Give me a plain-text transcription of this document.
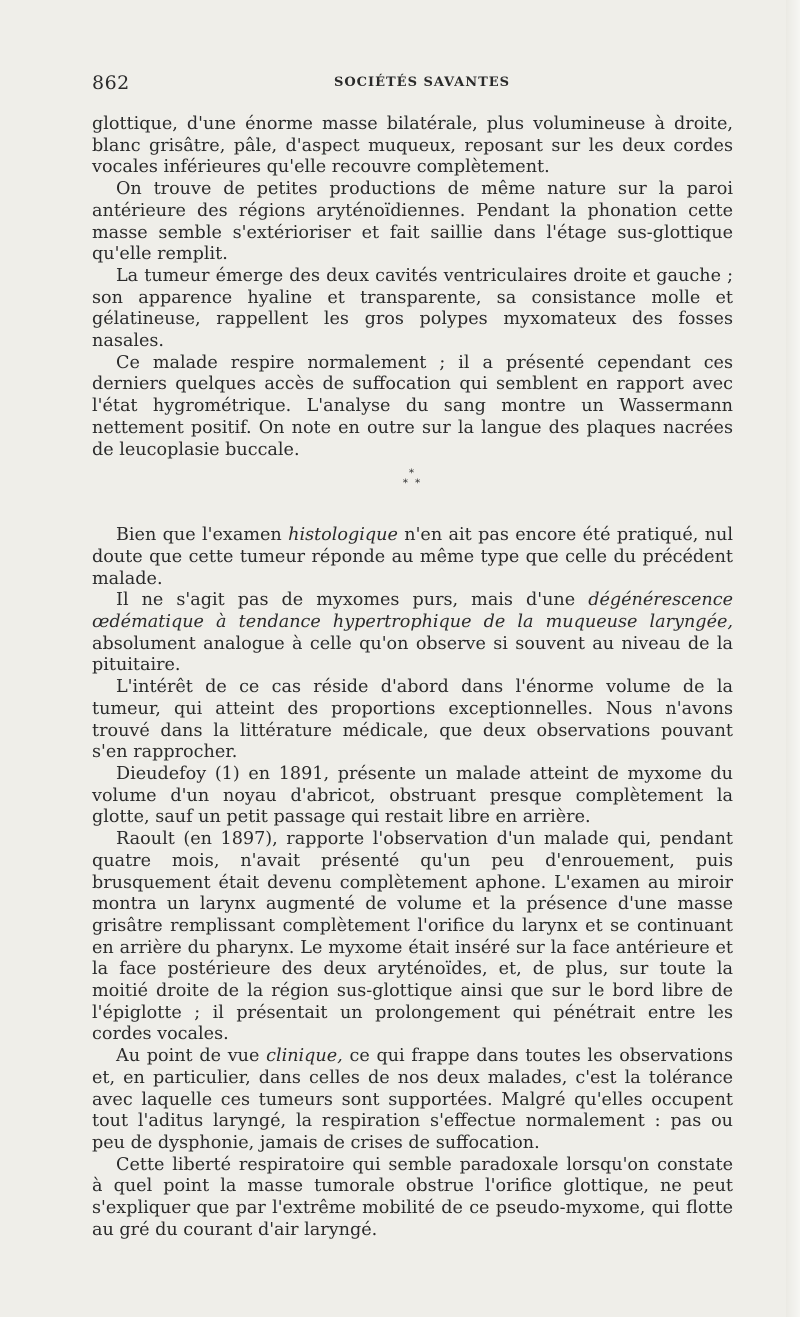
862	SOCIÉTÉS SAVANTES

glottique, d'une énorme masse bilatérale, plus volumineuse à droite, blanc grisâtre, pâle, d'aspect muqueux, reposant sur les deux cordes vocales inférieures qu'elle recouvre complètement.

On trouve de petites productions de même nature sur la paroi antérieure des régions aryténoïdiennes. Pendant la phonation cette masse semble s'extérioriser et fait saillie dans l'étage sus-glottique qu'elle remplit.

La tumeur émerge des deux cavités ventriculaires droite et gauche ; son apparence hyaline et transparente, sa consistance molle et gélatineuse, rappellent les gros polypes myxomateux des fosses nasales.

Ce malade respire normalement ; il a présenté cependant ces derniers quelques accès de suffocation qui semblent en rapport avec l'état hygrométrique. L'analyse du sang montre un Wassermann nettement positif. On note en outre sur la langue des plaques nacrées de leucoplasie buccale.

*
* *

Bien que l'examen histologique n'en ait pas encore été pratiqué, nul doute que cette tumeur réponde au même type que celle du précédent malade.

Il ne s'agit pas de myxomes purs, mais d'une dégénérescence œdématique à tendance hypertrophique de la muqueuse laryngée, absolument analogue à celle qu'on observe si souvent au niveau de la pituitaire.

L'intérêt de ce cas réside d'abord dans l'énorme volume de la tumeur, qui atteint des proportions exceptionnelles. Nous n'avons trouvé dans la littérature médicale, que deux observations pouvant s'en rapprocher.

Dieudefoy (1) en 1891, présente un malade atteint de myxome du volume d'un noyau d'abricot, obstruant presque complètement la glotte, sauf un petit passage qui restait libre en arrière.

Raoult (en 1897), rapporte l'observation d'un malade qui, pendant quatre mois, n'avait présenté qu'un peu d'enrouement, puis brusquement était devenu complètement aphone. L'examen au miroir montra un larynx augmenté de volume et la présence d'une masse grisâtre remplissant complètement l'orifice du larynx et se continuant en arrière du pharynx. Le myxome était inséré sur la face antérieure et la face postérieure des deux aryténoïdes, et, de plus, sur toute la moitié droite de la région sus-glottique ainsi que sur le bord libre de l'épiglotte ; il présentait un prolongement qui pénétrait entre les cordes vocales.

Au point de vue clinique, ce qui frappe dans toutes les observations et, en particulier, dans celles de nos deux malades, c'est la tolérance avec laquelle ces tumeurs sont supportées. Malgré qu'elles occupent tout l'aditus laryngé, la respiration s'effectue normalement : pas ou peu de dysphonie, jamais de crises de suffocation.

Cette liberté respiratoire qui semble paradoxale lorsqu'on constate à quel point la masse tumorale obstrue l'orifice glottique, ne peut s'expliquer que par l'extrême mobilité de ce pseudo-myxome, qui flotte au gré du courant d'air laryngé.
